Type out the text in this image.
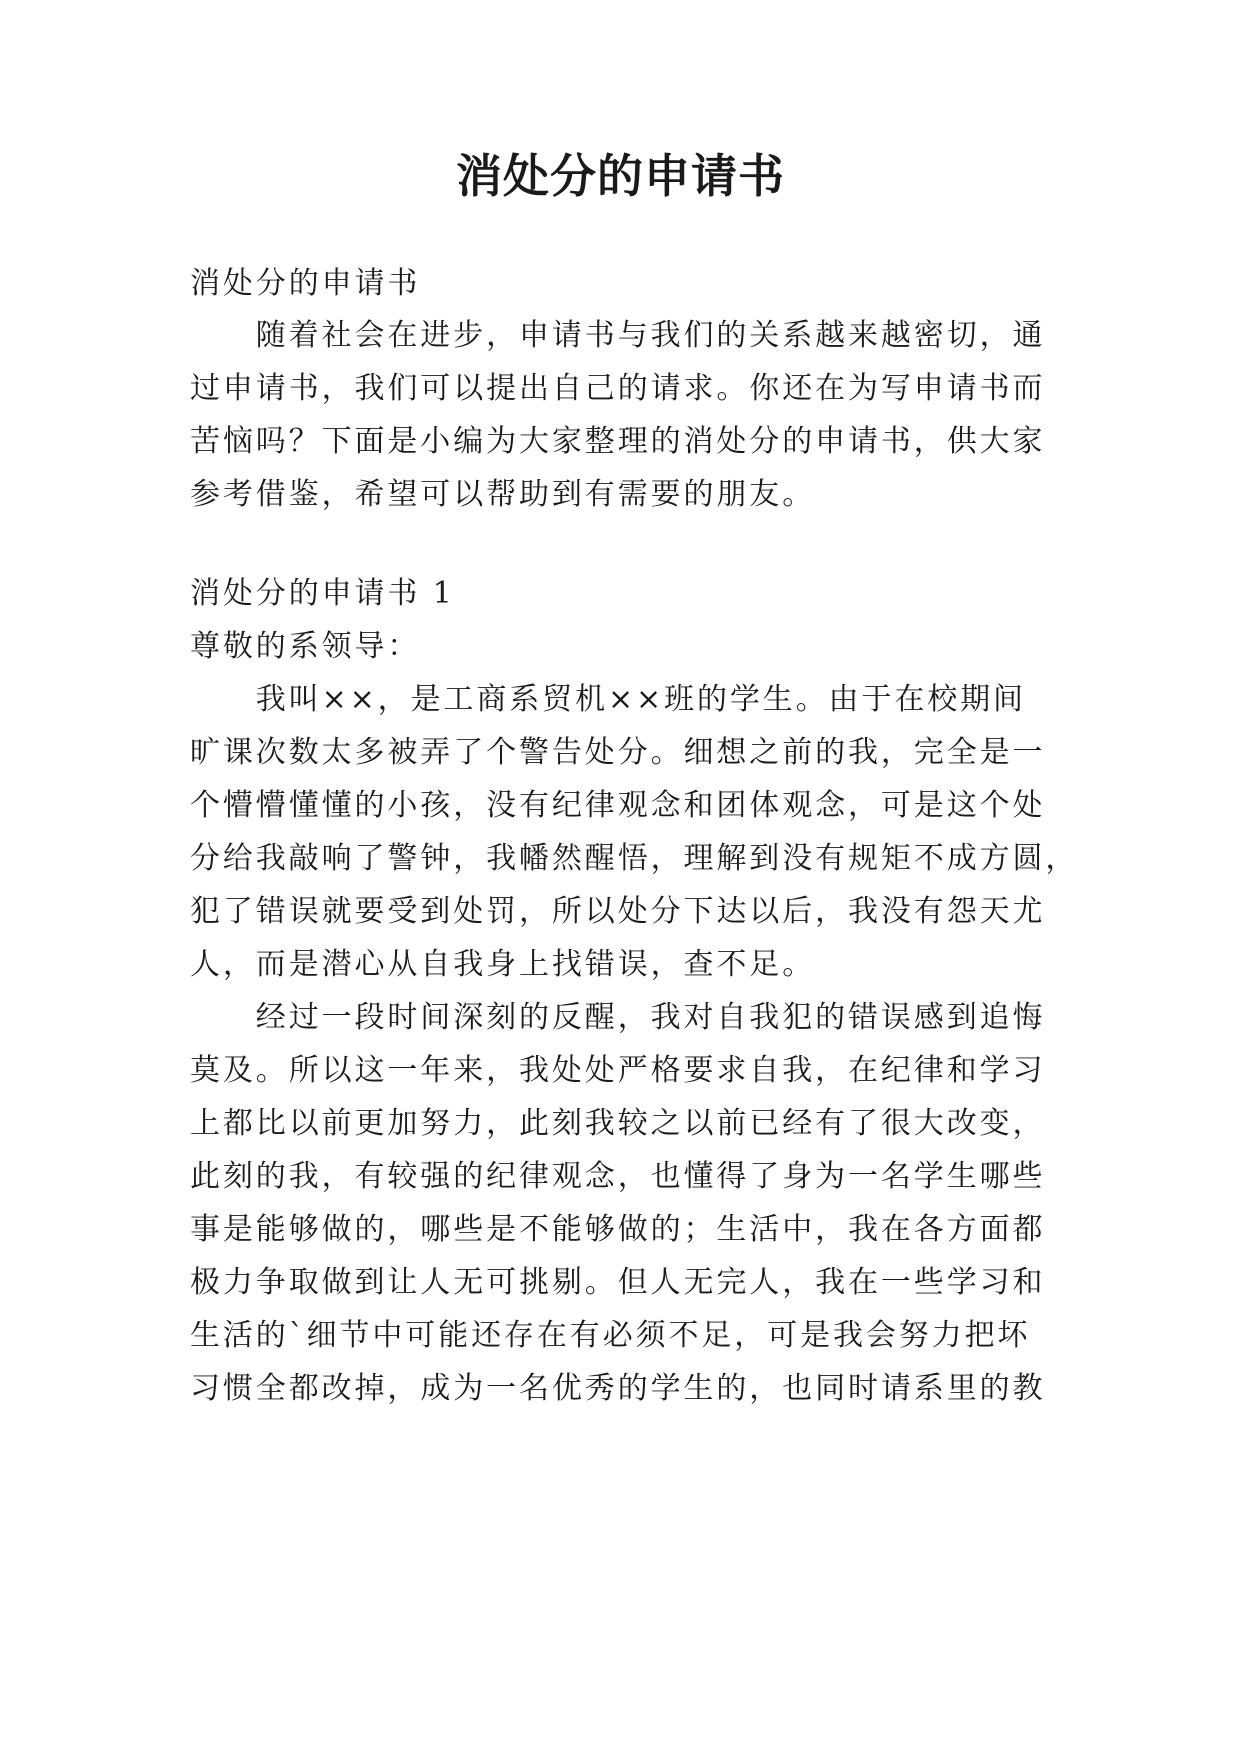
消处分的申请书
消处分的申请书
　　随着社会在进步，申请书与我们的关系越来越密切，通
过申请书，我们可以提出自己的请求。你还在为写申请书而
苦恼吗？下面是小编为大家整理的消处分的申请书，供大家
参考借鉴，希望可以帮助到有需要的朋友。
消处分的申请书 1
尊敬的系领导：
　　我叫××，是工商系贸机××班的学生。由于在校期间
旷课次数太多被弄了个警告处分。细想之前的我，完全是一
个懵懵懂懂的小孩，没有纪律观念和团体观念，可是这个处
分给我敲响了警钟，我幡然醒悟，理解到没有规矩不成方圆，
犯了错误就要受到处罚，所以处分下达以后，我没有怨天尤
人，而是潜心从自我身上找错误，查不足。
　　经过一段时间深刻的反醒，我对自我犯的错误感到追悔
莫及。所以这一年来，我处处严格要求自我，在纪律和学习
上都比以前更加努力，此刻我较之以前已经有了很大改变，
此刻的我，有较强的纪律观念，也懂得了身为一名学生哪些
事是能够做的，哪些是不能够做的；生活中，我在各方面都
极力争取做到让人无可挑剔。但人无完人，我在一些学习和
生活的`细节中可能还存在有必须不足，可是我会努力把坏
习惯全都改掉，成为一名优秀的学生的，也同时请系里的教
